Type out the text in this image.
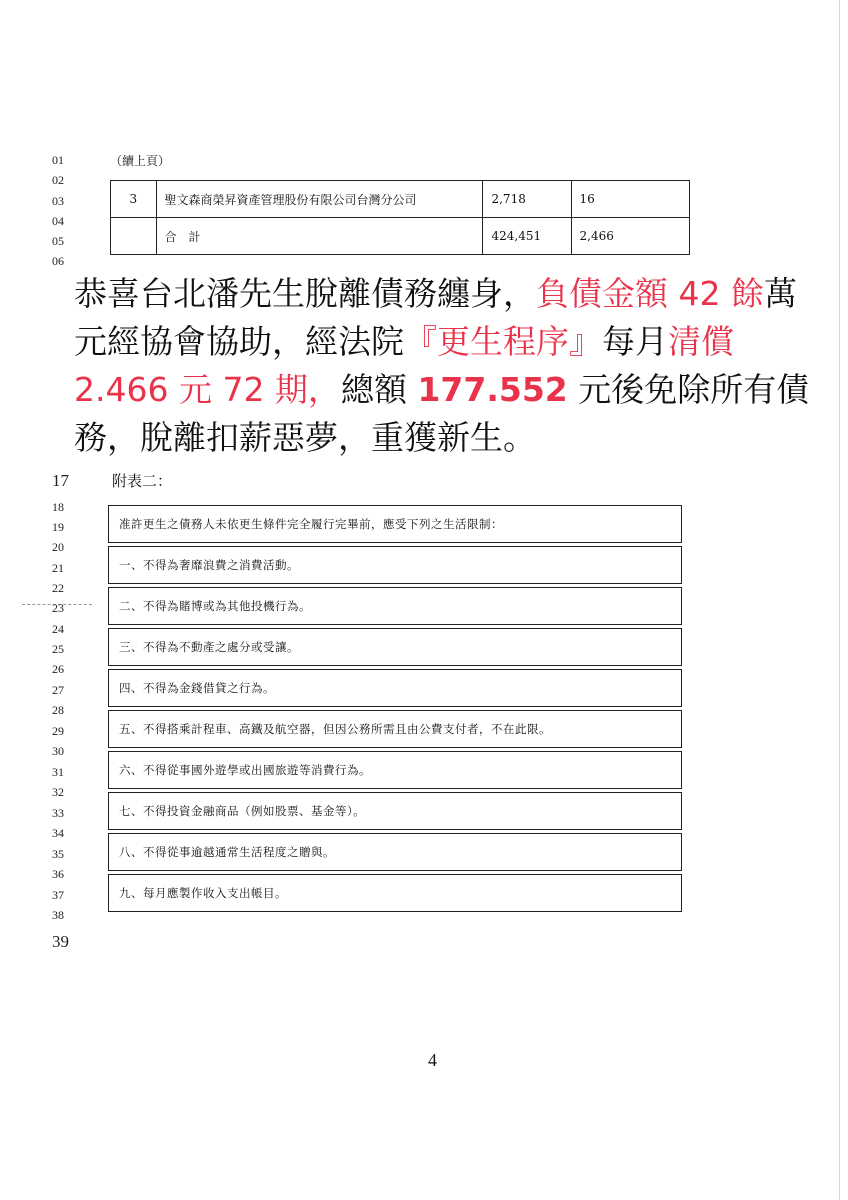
01
02
03
04
05
06
（續上頁）
3	聖文森商榮昇資產管理股份有限公司台灣分公司	2,718	16
	合　計	424,451	2,466
恭喜台北潘先生脫離債務纏身，負債金額 42 餘萬元經協會協助，經法院『更生程序』每月清償 2.466 元 72 期，總額 177.552 元後免除所有債務，脫離扣薪惡夢，重獲新生。
17
18
19
20
21
22
23
24
25
26
27
28
29
30
31
32
33
34
35
36
37
38
39
附表二：
准許更生之債務人未依更生條件完全履行完畢前，應受下列之生活限制：
一、不得為奢靡浪費之消費活動。
二、不得為賭博或為其他投機行為。
三、不得為不動產之處分或受讓。
四、不得為金錢借貸之行為。
五、不得搭乘計程車、高鐵及航空器，但因公務所需且由公費支付者，不在此限。
六、不得從事國外遊學或出國旅遊等消費行為。
七、不得投資金融商品（例如股票、基金等）。
八、不得從事逾越通常生活程度之贈與。
九、每月應製作收入支出帳目。
4
